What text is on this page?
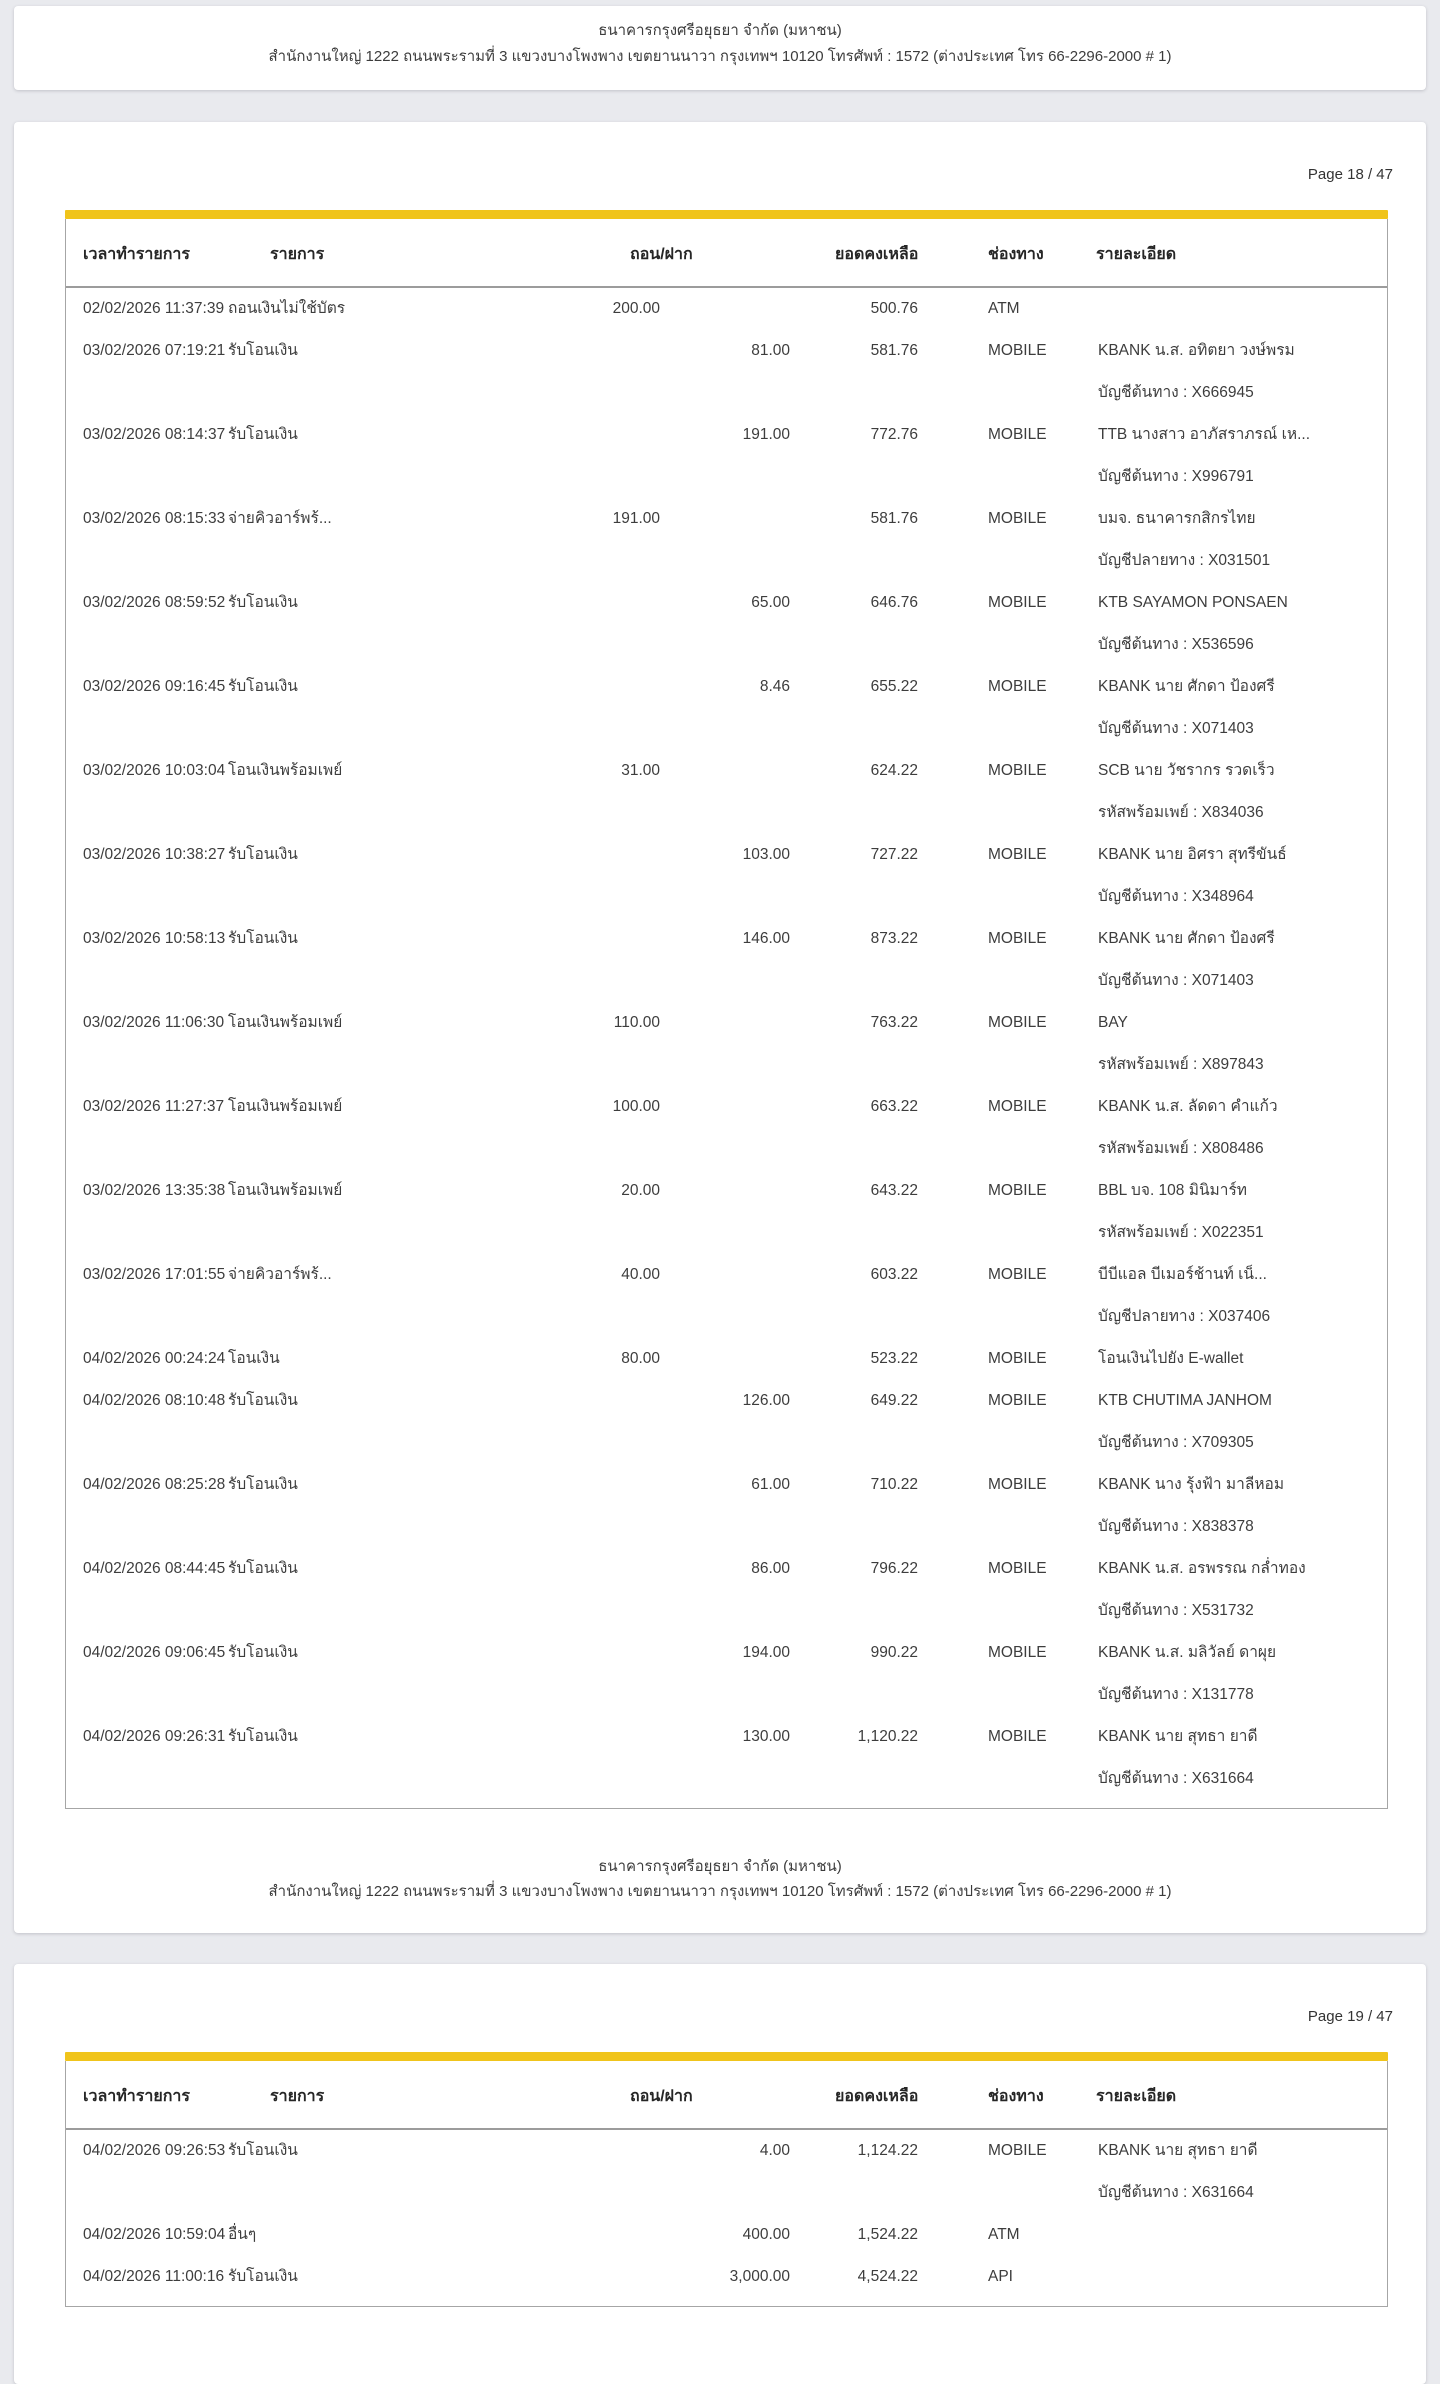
ธนาคารกรุงศรีอยุธยา จำกัด (มหาชน)
สำนักงานใหญ่ 1222 ถนนพระรามที่ 3 แขวงบางโพงพาง เขตยานนาวา กรุงเทพฯ 10120 โทรศัพท์ : 1572 (ต่างประเทศ โทร 66-2296-2000 # 1)
Page 18 / 47
เวลาทำรายการ	รายการ	ถอน/ฝาก	ยอดคงเหลือ	ช่องทาง	รายละเอียด
02/02/2026 11:37:39 ถอนเงินไม่ใช้บัตร	200.00	500.76	ATM
03/02/2026 07:19:21 รับโอนเงิน	81.00	581.76	MOBILE	KBANK น.ส. อทิตยา วงษ์พรม
บัญชีต้นทาง : X666945
03/02/2026 08:14:37 รับโอนเงิน	191.00	772.76	MOBILE	TTB นางสาว อาภัสราภรณ์ เห...
บัญชีต้นทาง : X996791
03/02/2026 08:15:33 จ่ายคิวอาร์พร้...	191.00	581.76	MOBILE	บมจ. ธนาคารกสิกรไทย
บัญชีปลายทาง : X031501
03/02/2026 08:59:52 รับโอนเงิน	65.00	646.76	MOBILE	KTB SAYAMON PONSAEN
บัญชีต้นทาง : X536596
03/02/2026 09:16:45 รับโอนเงิน	8.46	655.22	MOBILE	KBANK นาย ศักดา ป้องศรี
บัญชีต้นทาง : X071403
03/02/2026 10:03:04 โอนเงินพร้อมเพย์	31.00	624.22	MOBILE	SCB นาย วัชรากร รวดเร็ว
รหัสพร้อมเพย์ : X834036
03/02/2026 10:38:27 รับโอนเงิน	103.00	727.22	MOBILE	KBANK นาย อิศรา สุทรีขันธ์
บัญชีต้นทาง : X348964
03/02/2026 10:58:13 รับโอนเงิน	146.00	873.22	MOBILE	KBANK นาย ศักดา ป้องศรี
บัญชีต้นทาง : X071403
03/02/2026 11:06:30 โอนเงินพร้อมเพย์	110.00	763.22	MOBILE	BAY
รหัสพร้อมเพย์ : X897843
03/02/2026 11:27:37 โอนเงินพร้อมเพย์	100.00	663.22	MOBILE	KBANK น.ส. ลัดดา คำแก้ว
รหัสพร้อมเพย์ : X808486
03/02/2026 13:35:38 โอนเงินพร้อมเพย์	20.00	643.22	MOBILE	BBL บจ. 108 มินิมาร์ท
รหัสพร้อมเพย์ : X022351
03/02/2026 17:01:55 จ่ายคิวอาร์พร้...	40.00	603.22	MOBILE	บีบีแอล บีเมอร์ช้านท์ เน็...
บัญชีปลายทาง : X037406
04/02/2026 00:24:24 โอนเงิน	80.00	523.22	MOBILE	โอนเงินไปยัง E-wallet
04/02/2026 08:10:48 รับโอนเงิน	126.00	649.22	MOBILE	KTB CHUTIMA JANHOM
บัญชีต้นทาง : X709305
04/02/2026 08:25:28 รับโอนเงิน	61.00	710.22	MOBILE	KBANK นาง รุ้งฟ้า มาลีหอม
บัญชีต้นทาง : X838378
04/02/2026 08:44:45 รับโอนเงิน	86.00	796.22	MOBILE	KBANK น.ส. อรพรรณ กล่ำทอง
บัญชีต้นทาง : X531732
04/02/2026 09:06:45 รับโอนเงิน	194.00	990.22	MOBILE	KBANK น.ส. มลิวัลย์ ดาผุย
บัญชีต้นทาง : X131778
04/02/2026 09:26:31 รับโอนเงิน	130.00	1,120.22	MOBILE	KBANK นาย สุทธา ยาดี
บัญชีต้นทาง : X631664
ธนาคารกรุงศรีอยุธยา จำกัด (มหาชน)
สำนักงานใหญ่ 1222 ถนนพระรามที่ 3 แขวงบางโพงพาง เขตยานนาวา กรุงเทพฯ 10120 โทรศัพท์ : 1572 (ต่างประเทศ โทร 66-2296-2000 # 1)
Page 19 / 47
เวลาทำรายการ	รายการ	ถอน/ฝาก	ยอดคงเหลือ	ช่องทาง	รายละเอียด
04/02/2026 09:26:53 รับโอนเงิน	4.00	1,124.22	MOBILE	KBANK นาย สุทธา ยาดี
บัญชีต้นทาง : X631664
04/02/2026 10:59:04 อื่นๆ	400.00	1,524.22	ATM
04/02/2026 11:00:16 รับโอนเงิน	3,000.00	4,524.22	API
